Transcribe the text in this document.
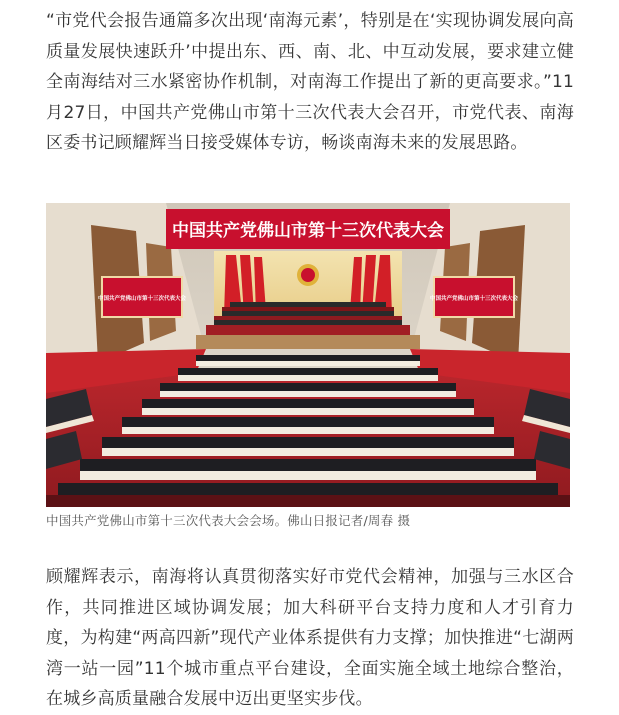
“市党代会报告通篇多次出现‘南海元素’，特别是在‘实现协调发展向高质量发展快速跃升’中提出东、西、南、北、中互动发展，要求建立健全南海结对三水紧密协作机制，对南海工作提出了新的更高要求。”11月27日，中国共产党佛山市第十三次代表大会召开，市党代表、南海区委书记顾耀辉当日接受媒体专访，畅谈南海未来的发展思路。

中国共产党佛山市第十三次代表大会
中国共产党佛山市第十三次代表大会	中国共产党佛山市第十三次代表大会
中国共产党佛山市第十三次代表大会会场。佛山日报记者/周春 摄

顾耀辉表示，南海将认真贯彻落实好市党代会精神，加强与三水区合作，共同推进区域协调发展；加大科研平台支持力度和人才引育力度，为构建“两高四新”现代产业体系提供有力支撑；加快推进“七湖两湾一站一园”11个城市重点平台建设，全面实施全域土地综合整治，在城乡高质量融合发展中迈出更坚实步伐。
